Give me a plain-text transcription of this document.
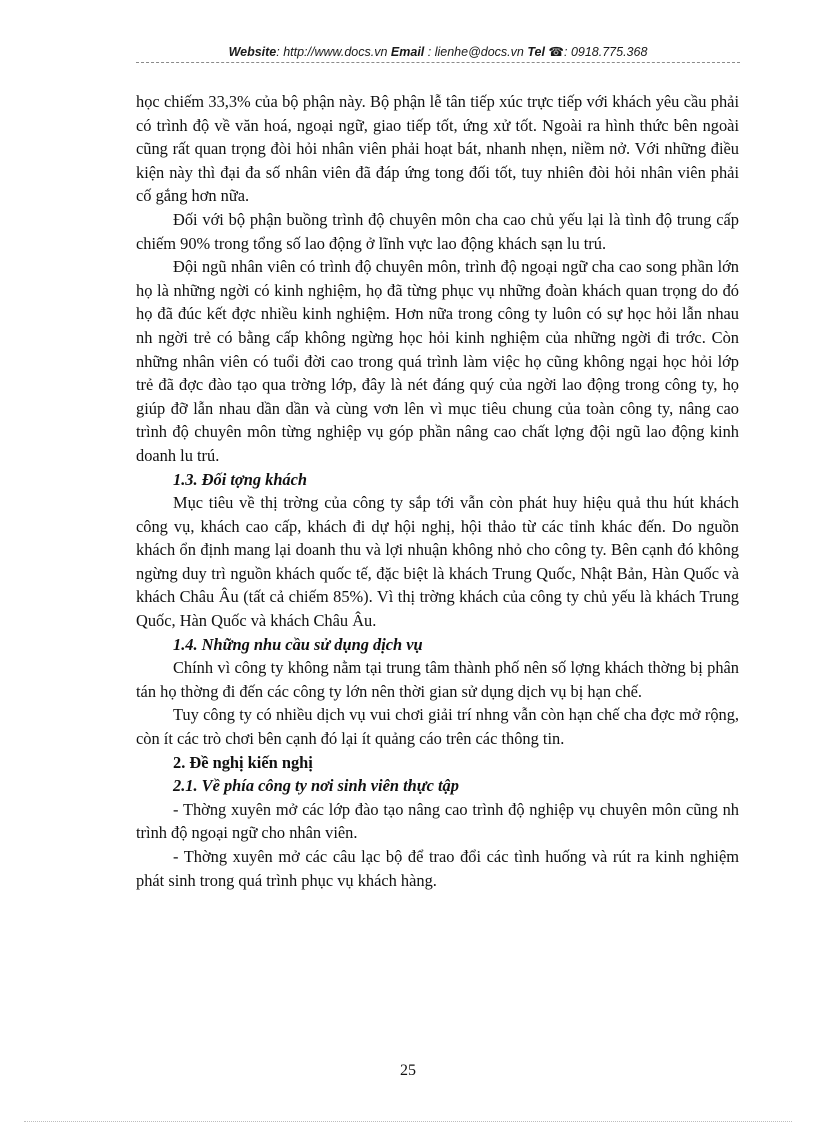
Website: http://www.docs.vn Email : lienhe@docs.vn Tel ☎: 0918.775.368

học chiếm 33,3% của bộ phận này. Bộ phận lễ tân tiếp xúc trực tiếp với khách yêu cầu phải có trình độ về văn hoá, ngoại ngữ, giao tiếp tốt, ứng xử tốt. Ngoài ra hình thức bên ngoài cũng rất quan trọng đòi hỏi nhân viên phải hoạt bát, nhanh nhẹn, niềm nở. Với những điều kiện này thì đại đa số nhân viên đã đáp ứng tong đối tốt, tuy nhiên đòi hỏi nhân viên phải cố gắng hơn nữa.

Đối với bộ phận buồng trình độ chuyên môn cha cao chủ yếu lại là tình độ trung cấp chiếm 90% trong tổng số lao động ở lĩnh vực lao động khách sạn lu trú.

Đội ngũ nhân viên có trình độ chuyên môn, trình độ ngoại ngữ cha cao song phần lớn họ là những ngời có kinh nghiệm, họ đã từng phục vụ những đoàn khách quan trọng do đó họ đã đúc kết đợc nhiều kinh nghiệm. Hơn nữa trong công ty luôn có sự học hỏi lẫn nhau nh ngời trẻ có bằng cấp không ngừng học hỏi kinh nghiệm của những ngời đi trớc. Còn những nhân viên có tuổi đời cao trong quá trình làm việc họ cũng không ngại học hỏi lớp trẻ đã đợc đào tạo qua trờng lớp, đây là nét đáng quý của ngời lao động trong công ty, họ giúp đỡ lẫn nhau dần dần và cùng vơn lên vì mục tiêu chung của toàn công ty, nâng cao trình độ chuyên môn từng nghiệp vụ góp phần nâng cao chất lợng đội ngũ lao động kinh doanh lu trú.

1.3. Đối tợng khách

Mục tiêu về thị trờng của công ty sắp tới vẫn còn phát huy hiệu quả thu hút khách công vụ, khách cao cấp, khách đi dự hội nghị, hội thảo từ các tỉnh khác đến. Do nguồn khách ổn định mang lại doanh thu và lợi nhuận không nhỏ cho công ty. Bên cạnh đó không ngừng duy trì nguồn khách quốc tế, đặc biệt là khách Trung Quốc, Nhật Bản, Hàn Quốc và khách Châu Âu (tất cả chiếm 85%). Vì thị trờng khách của công ty chủ yếu là khách Trung Quốc, Hàn Quốc và khách Châu Âu.

1.4. Những nhu cầu sử dụng dịch vụ

Chính vì công ty không nằm tại trung tâm thành phố nên số lợng khách thờng bị phân tán họ thờng đi đến các công ty lớn nên thời gian sử dụng dịch vụ bị hạn chế.

Tuy công ty có nhiều dịch vụ vui chơi giải trí nhng vẫn còn hạn chế cha đợc mở rộng, còn ít các trò chơi bên cạnh đó lại ít quảng cáo trên các thông tin.

2. Đề nghị kiến nghị

2.1. Về phía công ty nơi sinh viên thực tập

- Thờng xuyên mở các lớp đào tạo nâng cao trình độ nghiệp vụ chuyên môn cũng nh trình độ ngoại ngữ cho nhân viên.

- Thờng xuyên mở các câu lạc bộ để trao đổi các tình huống và rút ra kinh nghiệm phát sinh trong quá trình phục vụ khách hàng.

25
